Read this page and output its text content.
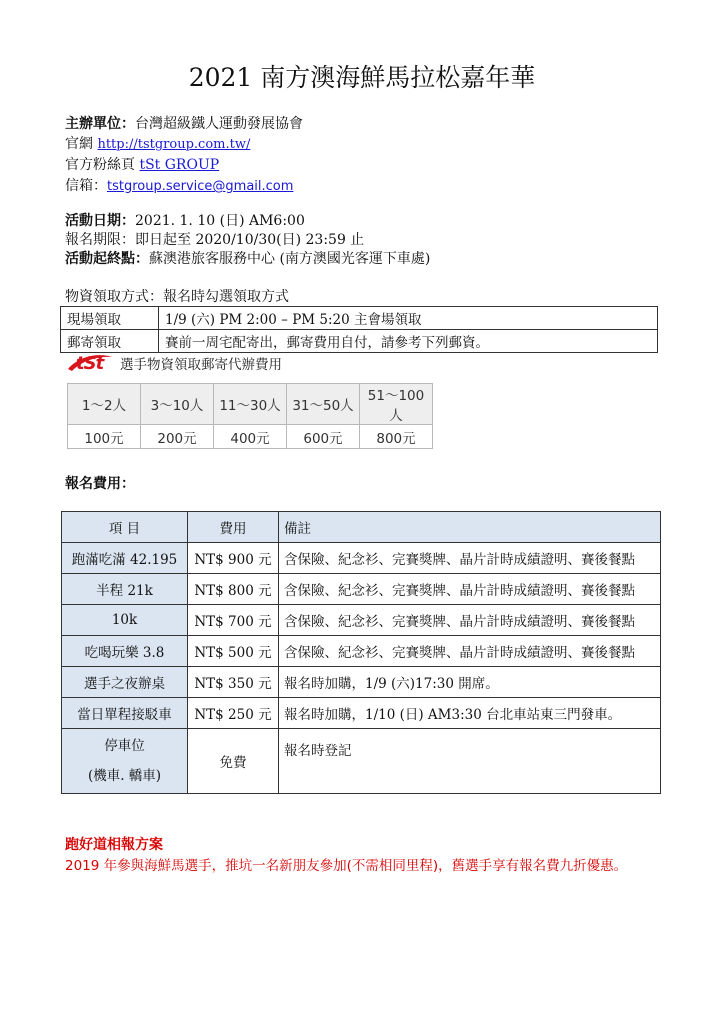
2021 南方澳海鮮馬拉松嘉年華
主辦單位：台灣超級鐵人運動發展協會
官網 http://tstgroup.com.tw/
官方粉絲頁 tSt GROUP
信箱：tstgroup.service@gmail.com
活動日期：2021. 1. 10 (日) AM6:00
報名期限：即日起至 2020/10/30(日) 23:59 止
活動起終點：蘇澳港旅客服務中心 (南方澳國光客運下車處)
物資領取方式：報名時勾選領取方式
現場領取	1/9 (六) PM 2:00 – PM 5:20 主會場領取
郵寄領取	賽前一周宅配寄出，郵寄費用自付，請參考下列郵資。
tSt 選手物資領取郵寄代辦費用
1～2人	3～10人	11～30人	31～50人	51～100人
100元	200元	400元	600元	800元
報名費用：
項 目	費用	備註
跑滿吃滿 42.195	NT$ 900 元	含保險、紀念衫、完賽獎牌、晶片計時成績證明、賽後餐點
半程 21k	NT$ 800 元	含保險、紀念衫、完賽獎牌、晶片計時成績證明、賽後餐點
10k	NT$ 700 元	含保險、紀念衫、完賽獎牌、晶片計時成績證明、賽後餐點
吃喝玩樂 3.8	NT$ 500 元	含保險、紀念衫、完賽獎牌、晶片計時成績證明、賽後餐點
選手之夜辦桌	NT$ 350 元	報名時加購，1/9 (六)17:30 開席。
當日單程接駁車	NT$ 250 元	報名時加購，1/10 (日) AM3:30 台北車站東三門發車。

停車位
(機車. 轎車)	免費	報名時登記
跑好道相報方案
2019 年參與海鮮馬選手，推坑一名新朋友參加(不需相同里程)，舊選手享有報名費九折優惠。
